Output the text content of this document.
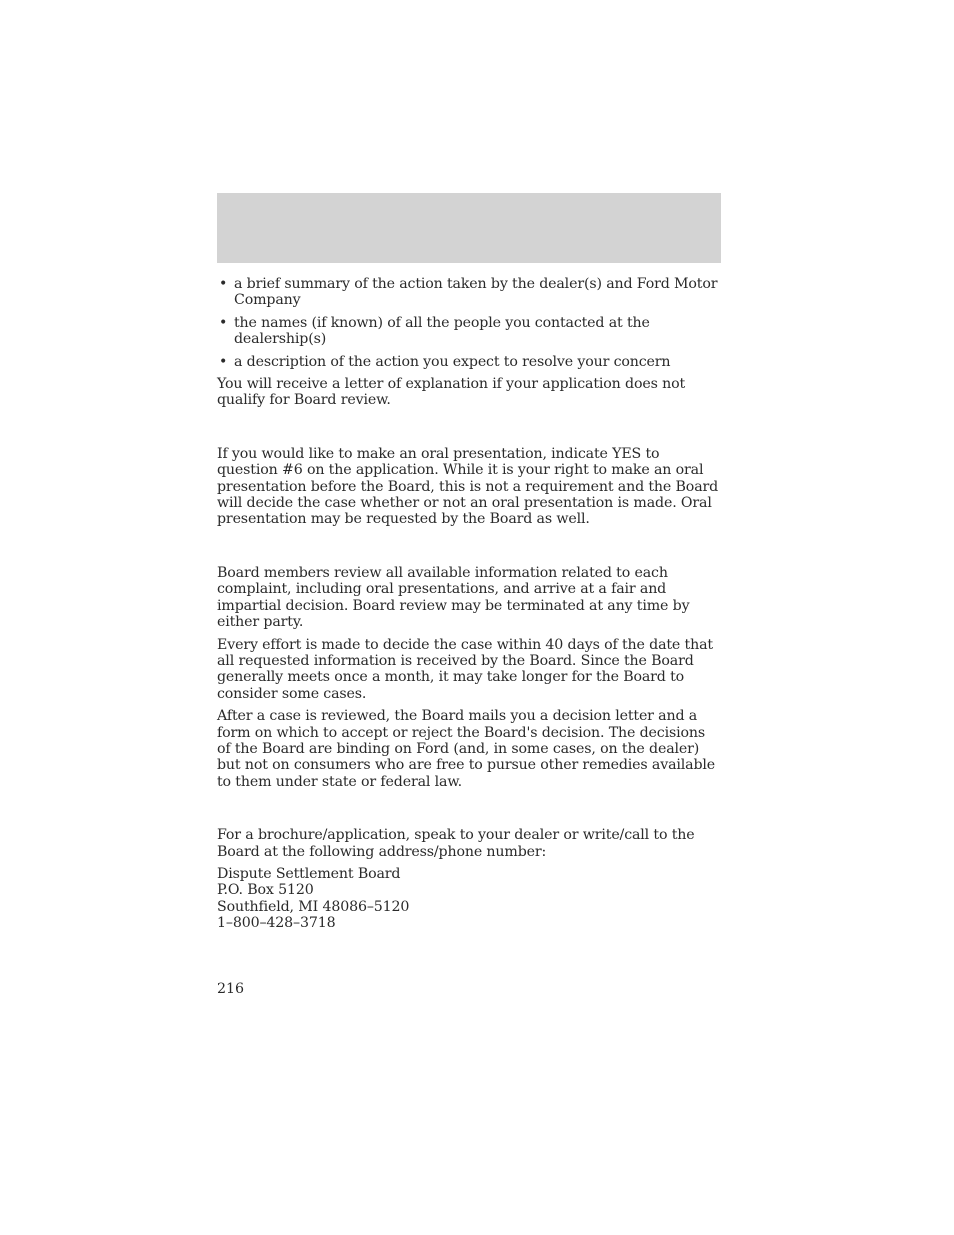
• a brief summary of the action taken by the dealer(s) and Ford Motor Company
• the names (if known) of all the people you contacted at the dealership(s)
• a description of the action you expect to resolve your concern

You will receive a letter of explanation if your application does not qualify for Board review.

If you would like to make an oral presentation, indicate YES to question #6 on the application. While it is your right to make an oral presentation before the Board, this is not a requirement and the Board will decide the case whether or not an oral presentation is made. Oral presentation may be requested by the Board as well.

Board members review all available information related to each complaint, including oral presentations, and arrive at a fair and impartial decision. Board review may be terminated at any time by either party.

Every effort is made to decide the case within 40 days of the date that all requested information is received by the Board. Since the Board generally meets once a month, it may take longer for the Board to consider some cases.

After a case is reviewed, the Board mails you a decision letter and a form on which to accept or reject the Board's decision. The decisions of the Board are binding on Ford (and, in some cases, on the dealer) but not on consumers who are free to pursue other remedies available to them under state or federal law.

For a brochure/application, speak to your dealer or write/call to the Board at the following address/phone number:

Dispute Settlement Board
P.O. Box 5120
Southfield, MI 48086–5120
1–800–428–3718

216
